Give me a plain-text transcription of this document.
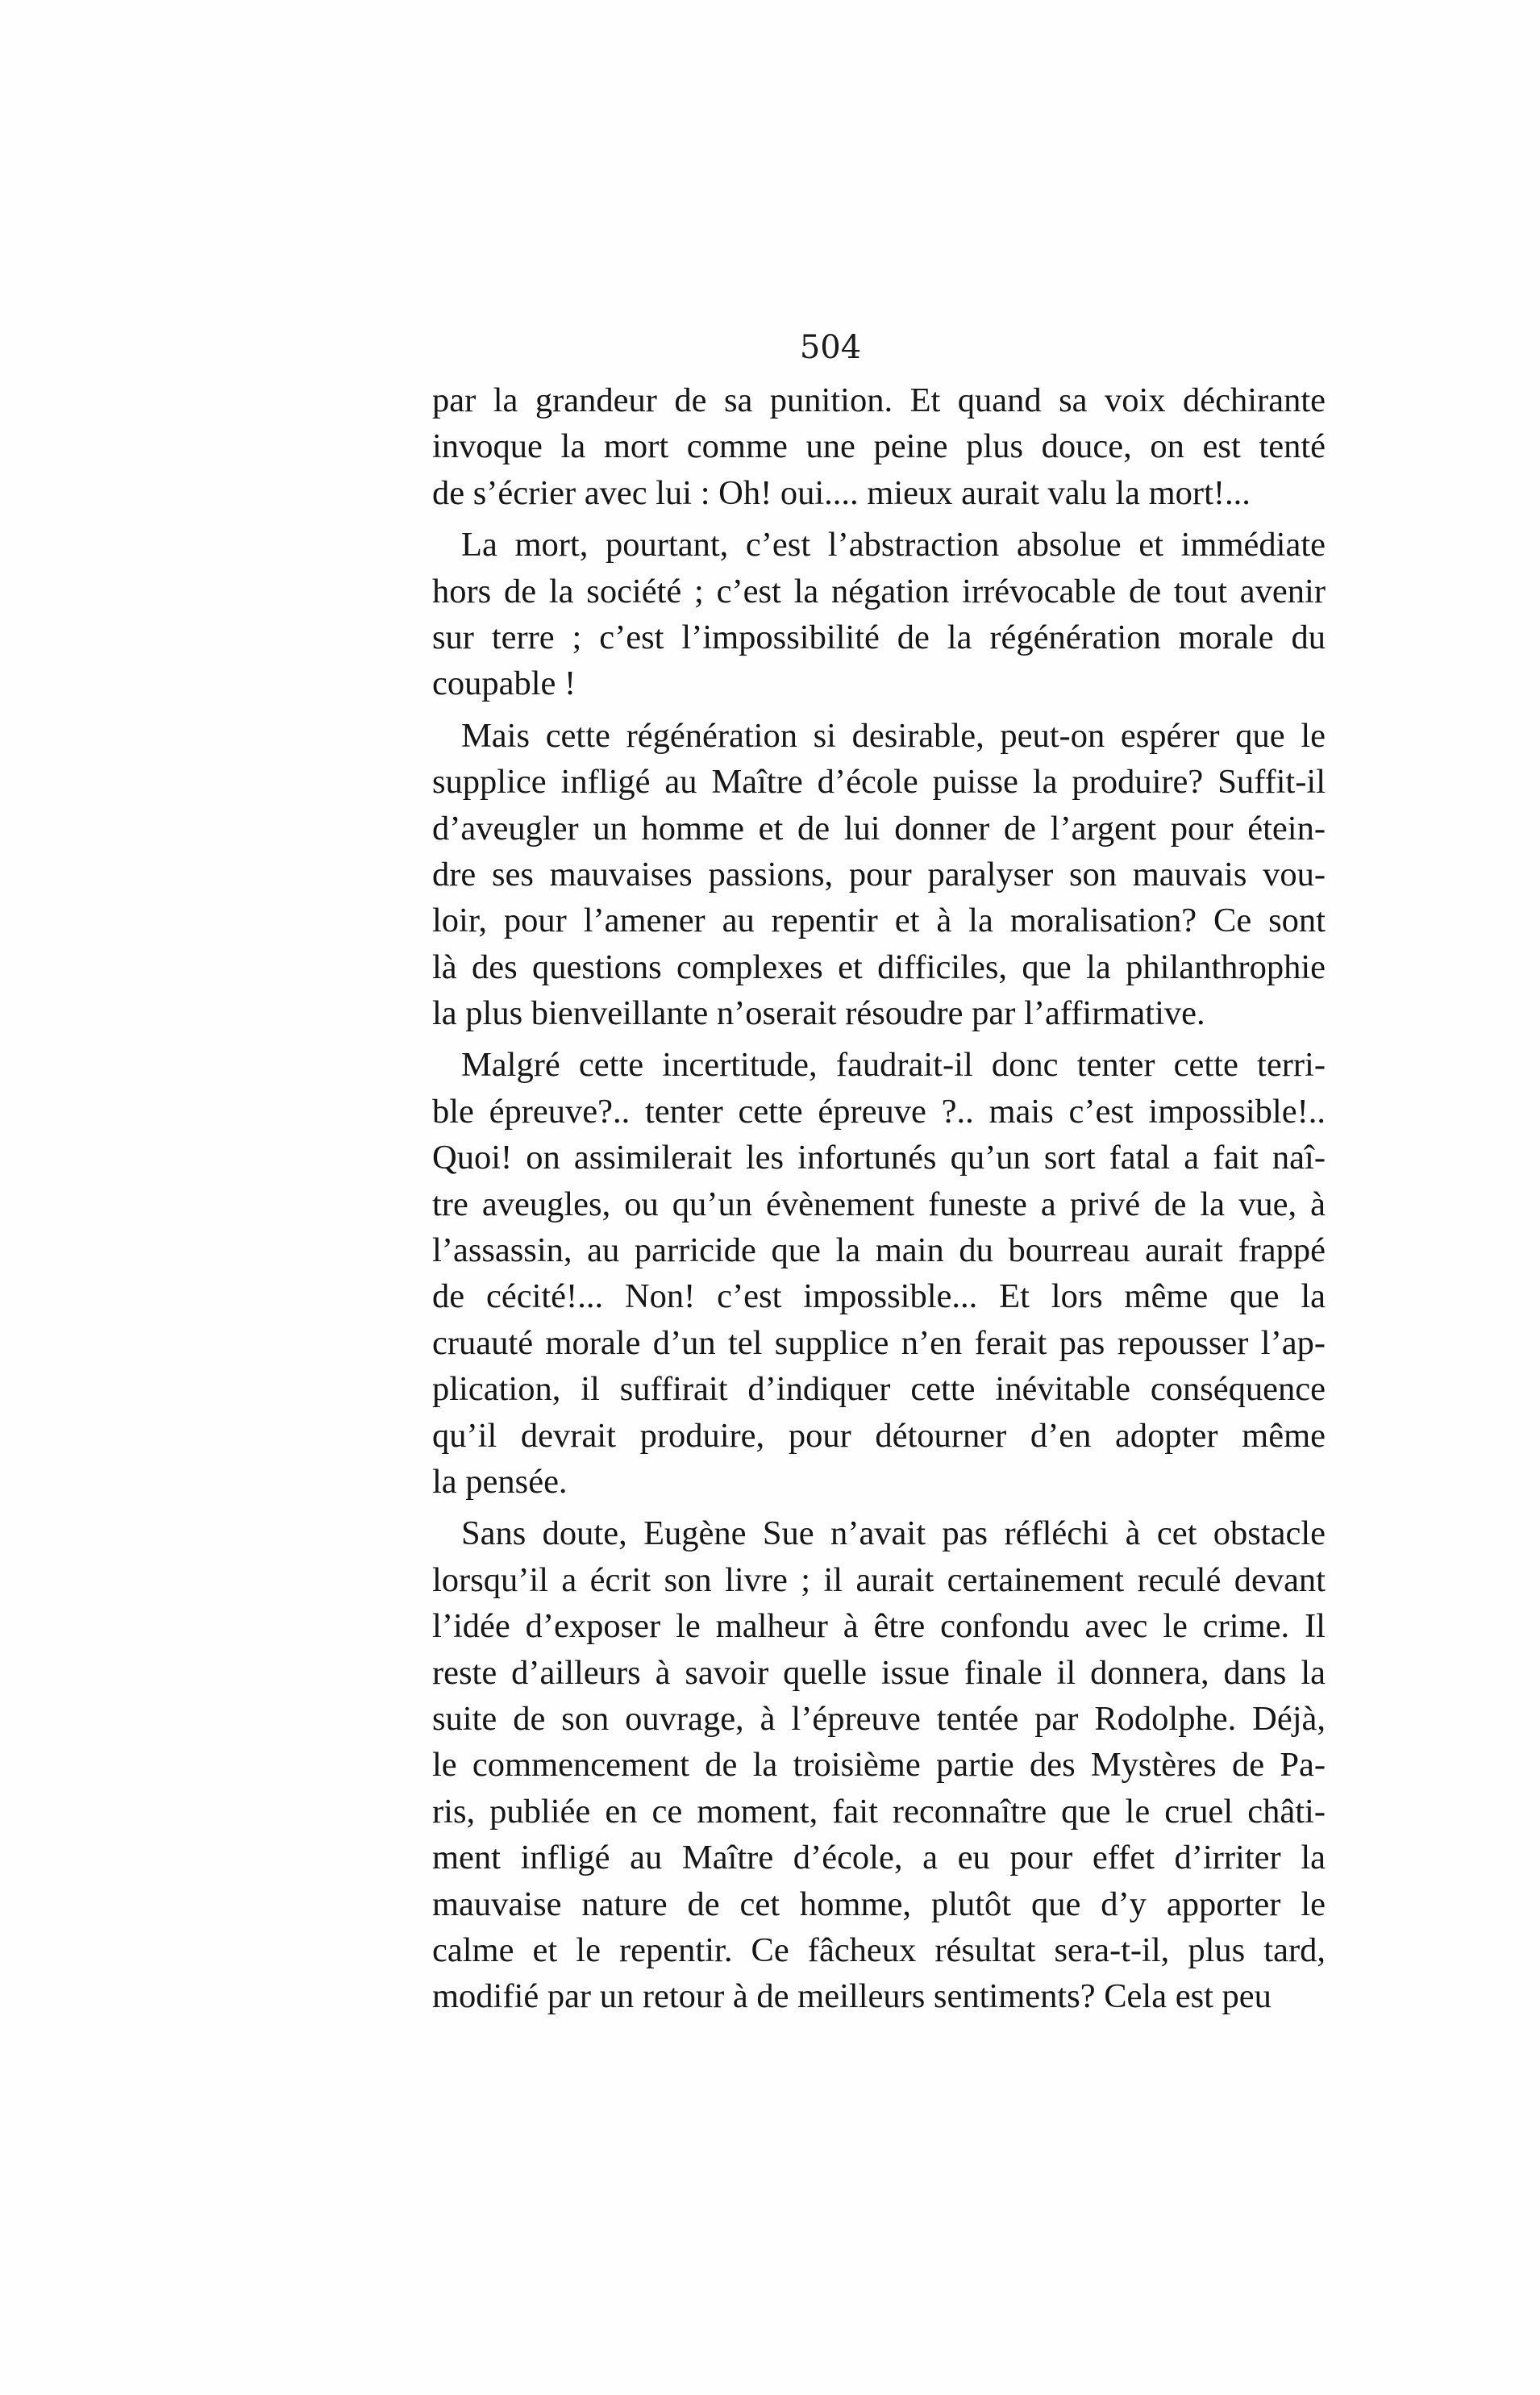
504
par la grandeur de sa punition. Et quand sa voix déchirante
invoque la mort comme une peine plus douce, on est tenté
de s’écrier avec lui : Oh! oui.... mieux aurait valu la mort!...
La mort, pourtant, c’est l’abstraction absolue et immédiate
hors de la société ; c’est la négation irrévocable de tout avenir
sur terre ; c’est l’impossibilité de la régénération morale du
coupable !
Mais cette régénération si desirable, peut-on espérer que le
supplice infligé au Maître d’école puisse la produire? Suffit-il
d’aveugler un homme et de lui donner de l’argent pour étein-
dre ses mauvaises passions, pour paralyser son mauvais vou-
loir, pour l’amener au repentir et à la moralisation? Ce sont
là des questions complexes et difficiles, que la philanthrophie
la plus bienveillante n’oserait résoudre par l’affirmative.
Malgré cette incertitude, faudrait-il donc tenter cette terri-
ble épreuve?.. tenter cette épreuve ?.. mais c’est impossible!..
Quoi! on assimilerait les infortunés qu’un sort fatal a fait naî-
tre aveugles, ou qu’un évènement funeste a privé de la vue, à
l’assassin, au parricide que la main du bourreau aurait frappé
de cécité!... Non! c’est impossible... Et lors même que la
cruauté morale d’un tel supplice n’en ferait pas repousser l’ap-
plication, il suffirait d’indiquer cette inévitable conséquence
qu’il devrait produire, pour détourner d’en adopter même
la pensée.
Sans doute, Eugène Sue n’avait pas réfléchi à cet obstacle
lorsqu’il a écrit son livre ; il aurait certainement reculé devant
l’idée d’exposer le malheur à être confondu avec le crime. Il
reste d’ailleurs à savoir quelle issue finale il donnera, dans la
suite de son ouvrage, à l’épreuve tentée par Rodolphe. Déjà,
le commencement de la troisième partie des Mystères de Pa-
ris, publiée en ce moment, fait reconnaître que le cruel châti-
ment infligé au Maître d’école, a eu pour effet d’irriter la
mauvaise nature de cet homme, plutôt que d’y apporter le
calme et le repentir. Ce fâcheux résultat sera-t-il, plus tard,
modifié par un retour à de meilleurs sentiments? Cela est peu
